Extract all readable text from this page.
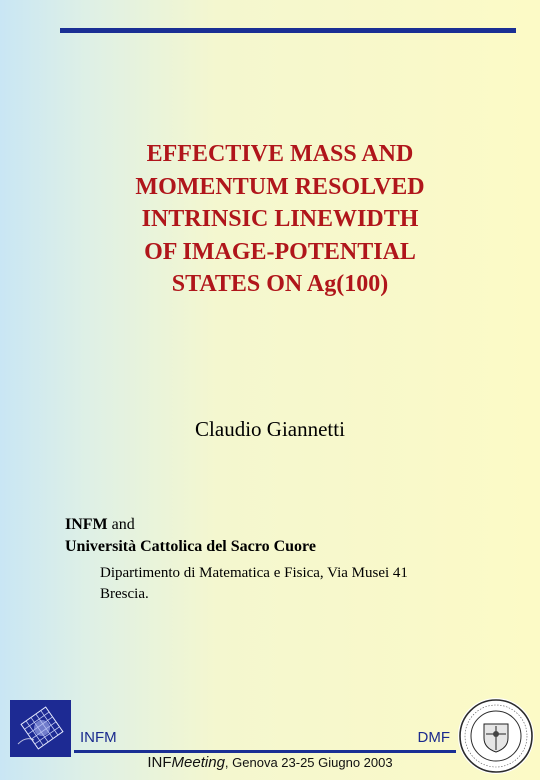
EFFECTIVE MASS AND
MOMENTUM RESOLVED
INTRINSIC LINEWIDTH
OF IMAGE-POTENTIAL
STATES ON Ag(100)
Claudio Giannetti
INFM and
Università Cattolica del Sacro Cuore
Dipartimento di Matematica e Fisica, Via Musei 41
Brescia.
INFM	DMF
INFMeeting, Genova 23-25 Giugno 2003
